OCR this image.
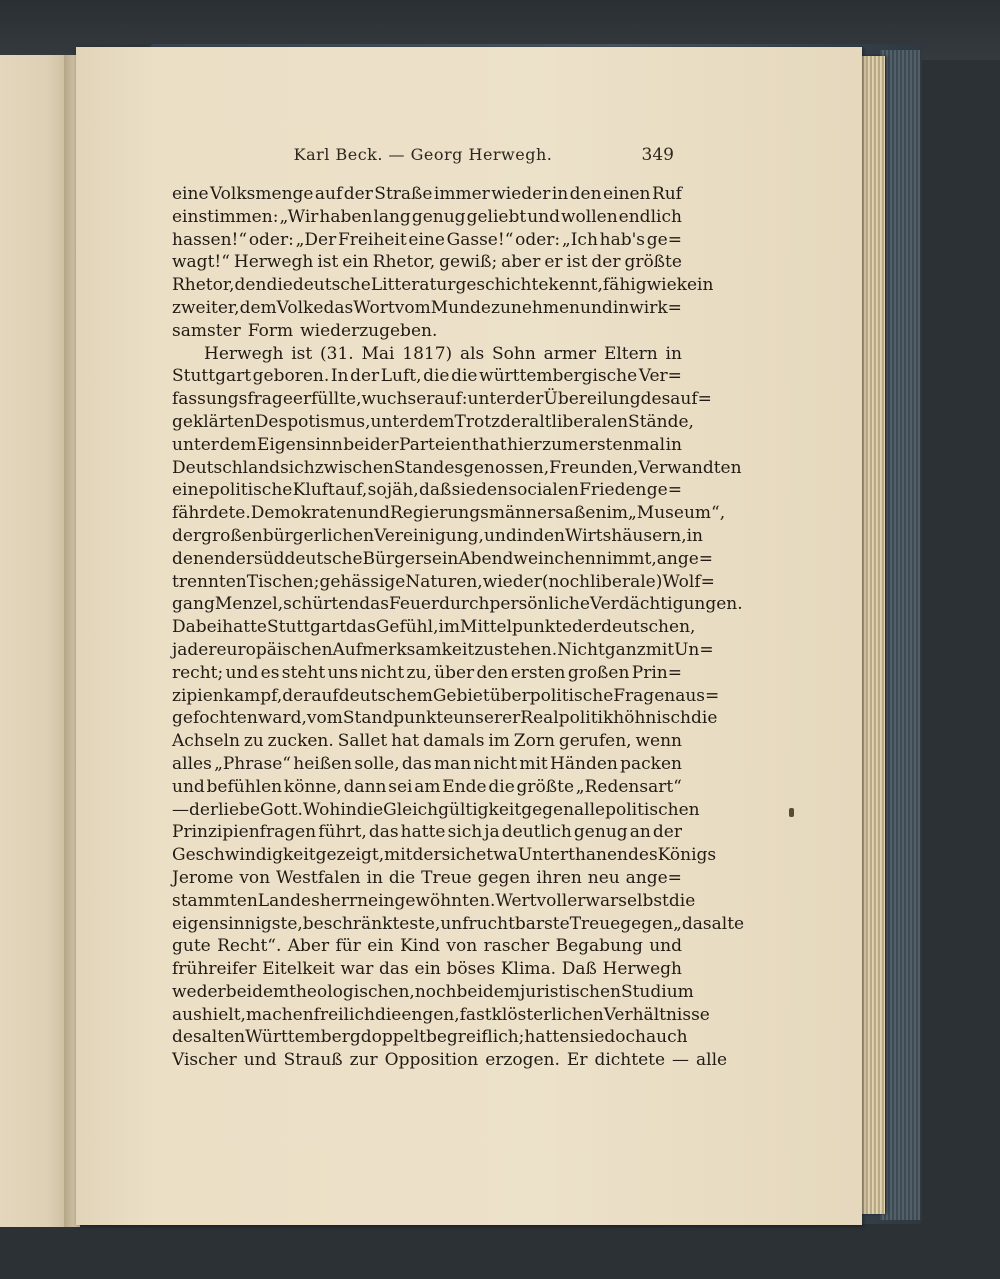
Karl Beck. — Georg Herwegh.	349
eine Volksmenge auf der Straße immer wieder in den einen Ruf
einstimmen: „Wir haben lang genug geliebt und wollen endlich
hassen!“ oder: „Der Freiheit eine Gasse!“ oder: „Ich hab's ge=
wagt!“ Herwegh ist ein Rhetor, gewiß; aber er ist der größte
Rhetor, den die deutsche Litteraturgeschichte kennt, fähig wie kein
zweiter, dem Volke das Wort vom Munde zu nehmen und in wirk=
samster Form wiederzugeben.
Herwegh ist (31. Mai 1817) als Sohn armer Eltern in
Stuttgart geboren. In der Luft, die die württembergische Ver=
fassungsfrage erfüllte, wuchs er auf: unter der Übereilung des auf=
geklärten Despotismus, unter dem Trotz der altliberalen Stände,
unter dem Eigensinn beider Parteien that hier zum erstenmal in
Deutschland sich zwischen Standesgenossen, Freunden, Verwandten
eine politische Kluft auf, so jäh, daß sie den socialen Frieden ge=
fährdete. Demokraten und Regierungsmänner saßen im „Museum“,
der großen bürgerlichen Vereinigung, und in den Wirtshäusern, in
denen der süddeutsche Bürger sein Abendweinchen nimmt, an ge=
trennten Tischen; gehässige Naturen, wie der (noch liberale) Wolf=
gang Menzel, schürten das Feuer durch persönliche Verdächtigungen.
Dabei hatte Stuttgart das Gefühl, im Mittelpunkte der deutschen,
ja der europäischen Aufmerksamkeit zu stehen. Nicht ganz mit Un=
recht; und es steht uns nicht zu, über den ersten großen Prin=
zipienkampf, der auf deutschem Gebiet über politische Fragen aus=
gefochten ward, vom Standpunkte unserer Realpolitik höhnisch die
Achseln zu zucken. Sallet hat damals im Zorn gerufen, wenn
alles „Phrase“ heißen solle, das man nicht mit Händen packen
und befühlen könne, dann sei am Ende die größte „Redensart“
— der liebe Gott. Wohin die Gleichgültigkeit gegen alle politischen
Prinzipienfragen führt, das hatte sich ja deutlich genug an der
Geschwindigkeit gezeigt, mit der sich etwa Unterthanen des Königs
Jerome von Westfalen in die Treue gegen ihren neu ange=
stammten Landesherrn eingewöhnten. Wertvoller war selbst die
eigensinnigste, beschränkteste, unfruchtbarste Treue gegen „das alte
gute Recht“. Aber für ein Kind von rascher Begabung und
frühreifer Eitelkeit war das ein böses Klima. Daß Herwegh
weder bei dem theologischen, noch bei dem juristischen Studium
aushielt, machen freilich die engen, fast klösterlichen Verhältnisse
des alten Württemberg doppelt begreiflich; hatten sie doch auch
Vischer und Strauß zur Opposition erzogen. Er dichtete — alle
